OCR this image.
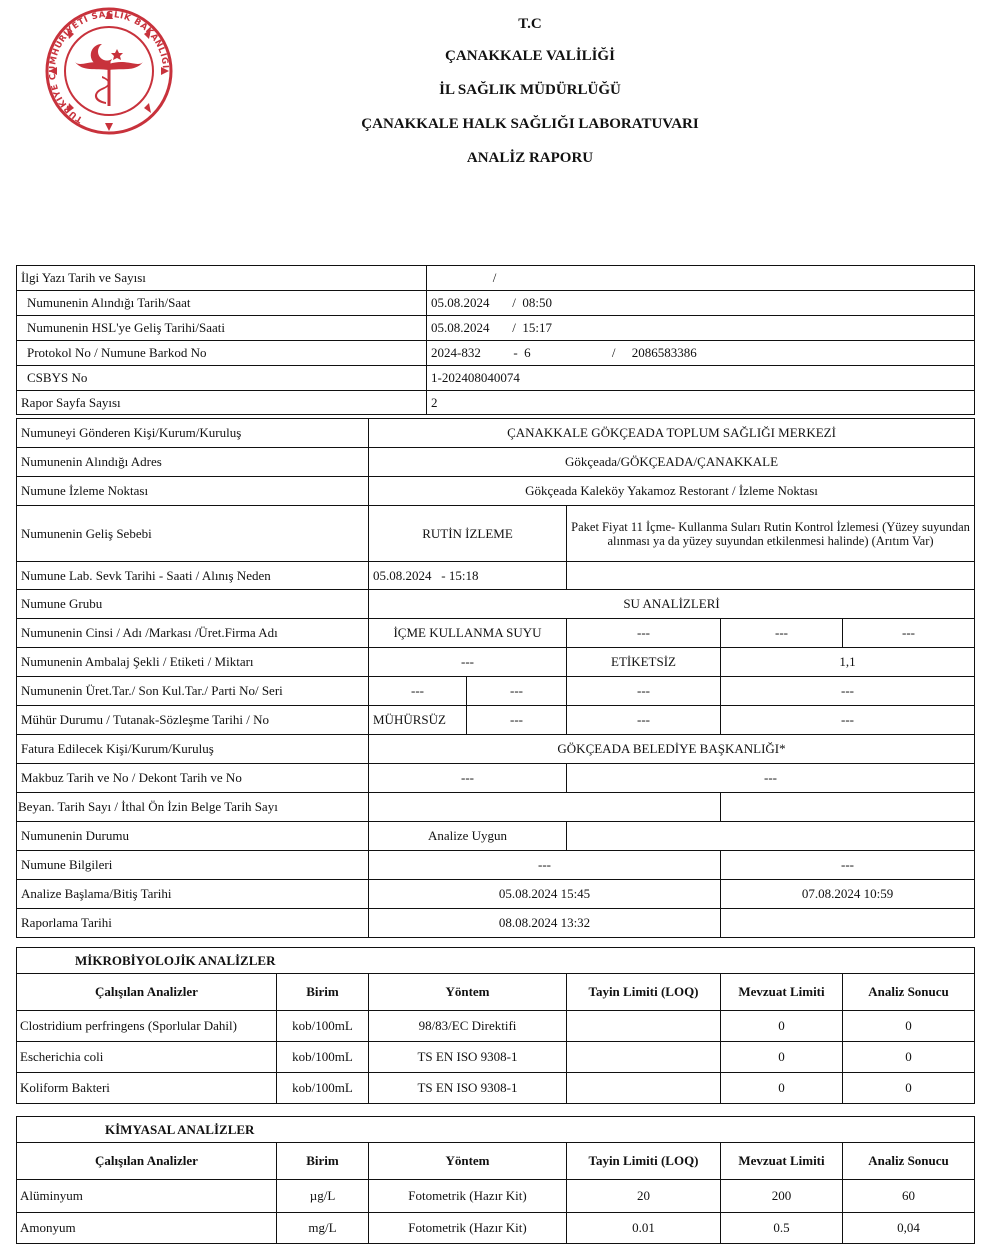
TÜRKİYE CUMHURİYETİ SAĞLIK BAKANLIĞI
T.C
ÇANAKKALE VALİLİĞİ
İL SAĞLIK MÜDÜRLÜĞÜ
ÇANAKKALE HALK SAĞLIĞI LABORATUVARI
ANALİZ RAPORU
İlgi Yazı Tarih ve Sayısı	/
Numunenin Alındığı Tarih/Saat	05.08.2024       /  08:50
Numunenin HSL'ye Geliş Tarihi/Saati	05.08.2024       /  15:17
Protokol No / Numune Barkod No	2024-832          -  6                         /     2086583386
CSBYS No	1-202408040074
Rapor Sayfa Sayısı	2
Numuneyi Gönderen Kişi/Kurum/Kuruluş	ÇANAKKALE GÖKÇEADA TOPLUM SAĞLIĞI MERKEZİ				
Numunenin Alındığı Adres	Gökçeada/GÖKÇEADA/ÇANAKKALE				
Numune İzleme Noktası	Gökçeada Kaleköy Yakamoz Restorant / İzleme Noktası				
Numunenin Geliş Sebebi	RUTİN İZLEME		Paket Fiyat 11 İçme- Kullanma Suları Rutin Kontrol İzlemesi (Yüzey suyundan alınması ya da yüzey suyundan etkilenmesi halinde) (Arıtım Var)		
Numune Lab. Sevk Tarihi - Saati / Alınış Neden	05.08.2024   - 15:18				
Numune Grubu	SU ANALİZLERİ				
Numunenin Cinsi / Adı /Markası /Üret.Firma Adı	İÇME KULLANMA SUYU		---	---	---
Numunenin Ambalaj Şekli / Etiketi / Miktarı	---		ETİKETSİZ	1,1	
Numunenin Üret.Tar./ Son Kul.Tar./ Parti No/ Seri	---	---	---	---	
Mühür Durumu / Tutanak-Sözleşme Tarihi / No	MÜHÜRSÜZ	---	---	---	
Fatura Edilecek Kişi/Kurum/Kuruluş	GÖKÇEADA BELEDİYE BAŞKANLIĞI*				
Makbuz Tarih ve No / Dekont Tarih ve No	---		---		
Beyan. Tarih Sayı / İthal Ön İzin Belge Tarih Sayı					
Numunenin Durumu	Analize Uygun				
Numune Bilgileri	---			---	
Analize Başlama/Bitiş Tarihi	05.08.2024 15:45			07.08.2024 10:59	
Raporlama Tarihi	08.08.2024 13:32				
MİKROBİYOLOJİK ANALİZLER					
Çalışılan Analizler	Birim	Yöntem	Tayin Limiti (LOQ)	Mevzuat Limiti	Analiz Sonucu
Clostridium perfringens (Sporlular Dahil)	kob/100mL	98/83/EC Direktifi		0	0
Escherichia coli	kob/100mL	TS EN ISO 9308-1		0	0
Koliform Bakteri	kob/100mL	TS EN ISO 9308-1		0	0
KİMYASAL ANALİZLER					
Çalışılan Analizler	Birim	Yöntem	Tayin Limiti (LOQ)	Mevzuat Limiti	Analiz Sonucu
Alüminyum	µg/L	Fotometrik (Hazır Kit)	20	200	60
Amonyum	mg/L	Fotometrik (Hazır Kit)	0.01	0.5	0,04
